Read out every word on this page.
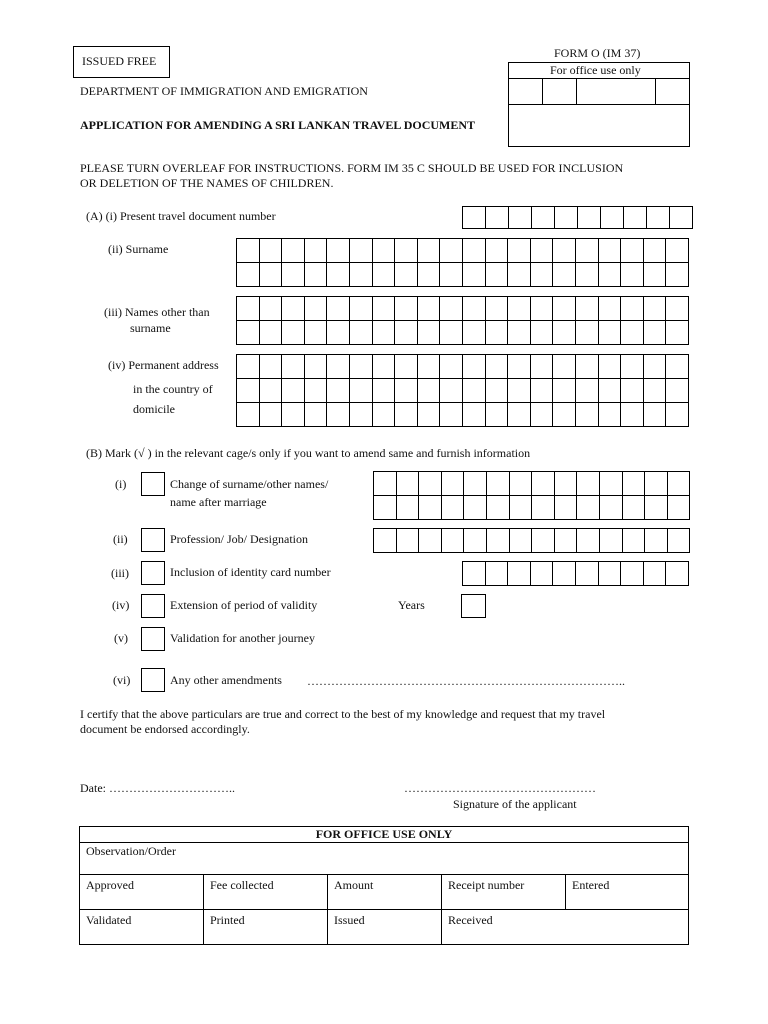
ISSUED FREE
FORM O (IM 37)
For office use only
DEPARTMENT OF IMMIGRATION AND EMIGRATION
APPLICATION FOR AMENDING A SRI LANKAN TRAVEL DOCUMENT
PLEASE TURN OVERLEAF FOR INSTRUCTIONS. FORM IM 35 C SHOULD BE USED FOR INCLUSION
OR DELETION OF THE NAMES OF CHILDREN.
(A) (i) Present travel document number
(ii) Surname
(iii) Names other than
surname
(iv) Permanent address
in the country of
domicile
(B) Mark (√ ) in the relevant cage/s only if you want to amend same and furnish information
(i)	Change of surname/other names/
name after marriage
(ii)	Profession/ Job/ Designation
(iii)	Inclusion of identity card number
(iv)	Extension of period of validity	Years
(v)	Validation for another journey
(vi)	Any other amendments ……………………………………………………………………..
I certify that the above particulars are true and correct to the best of my knowledge and request that my travel
document be endorsed accordingly.
Date: …………………………..	…………………………………………
Signature of the applicant
FOR OFFICE USE ONLY				
Observation/Order				
Approved	Fee collected	Amount	Receipt number	Entered
Validated	Printed	Issued	Received	
